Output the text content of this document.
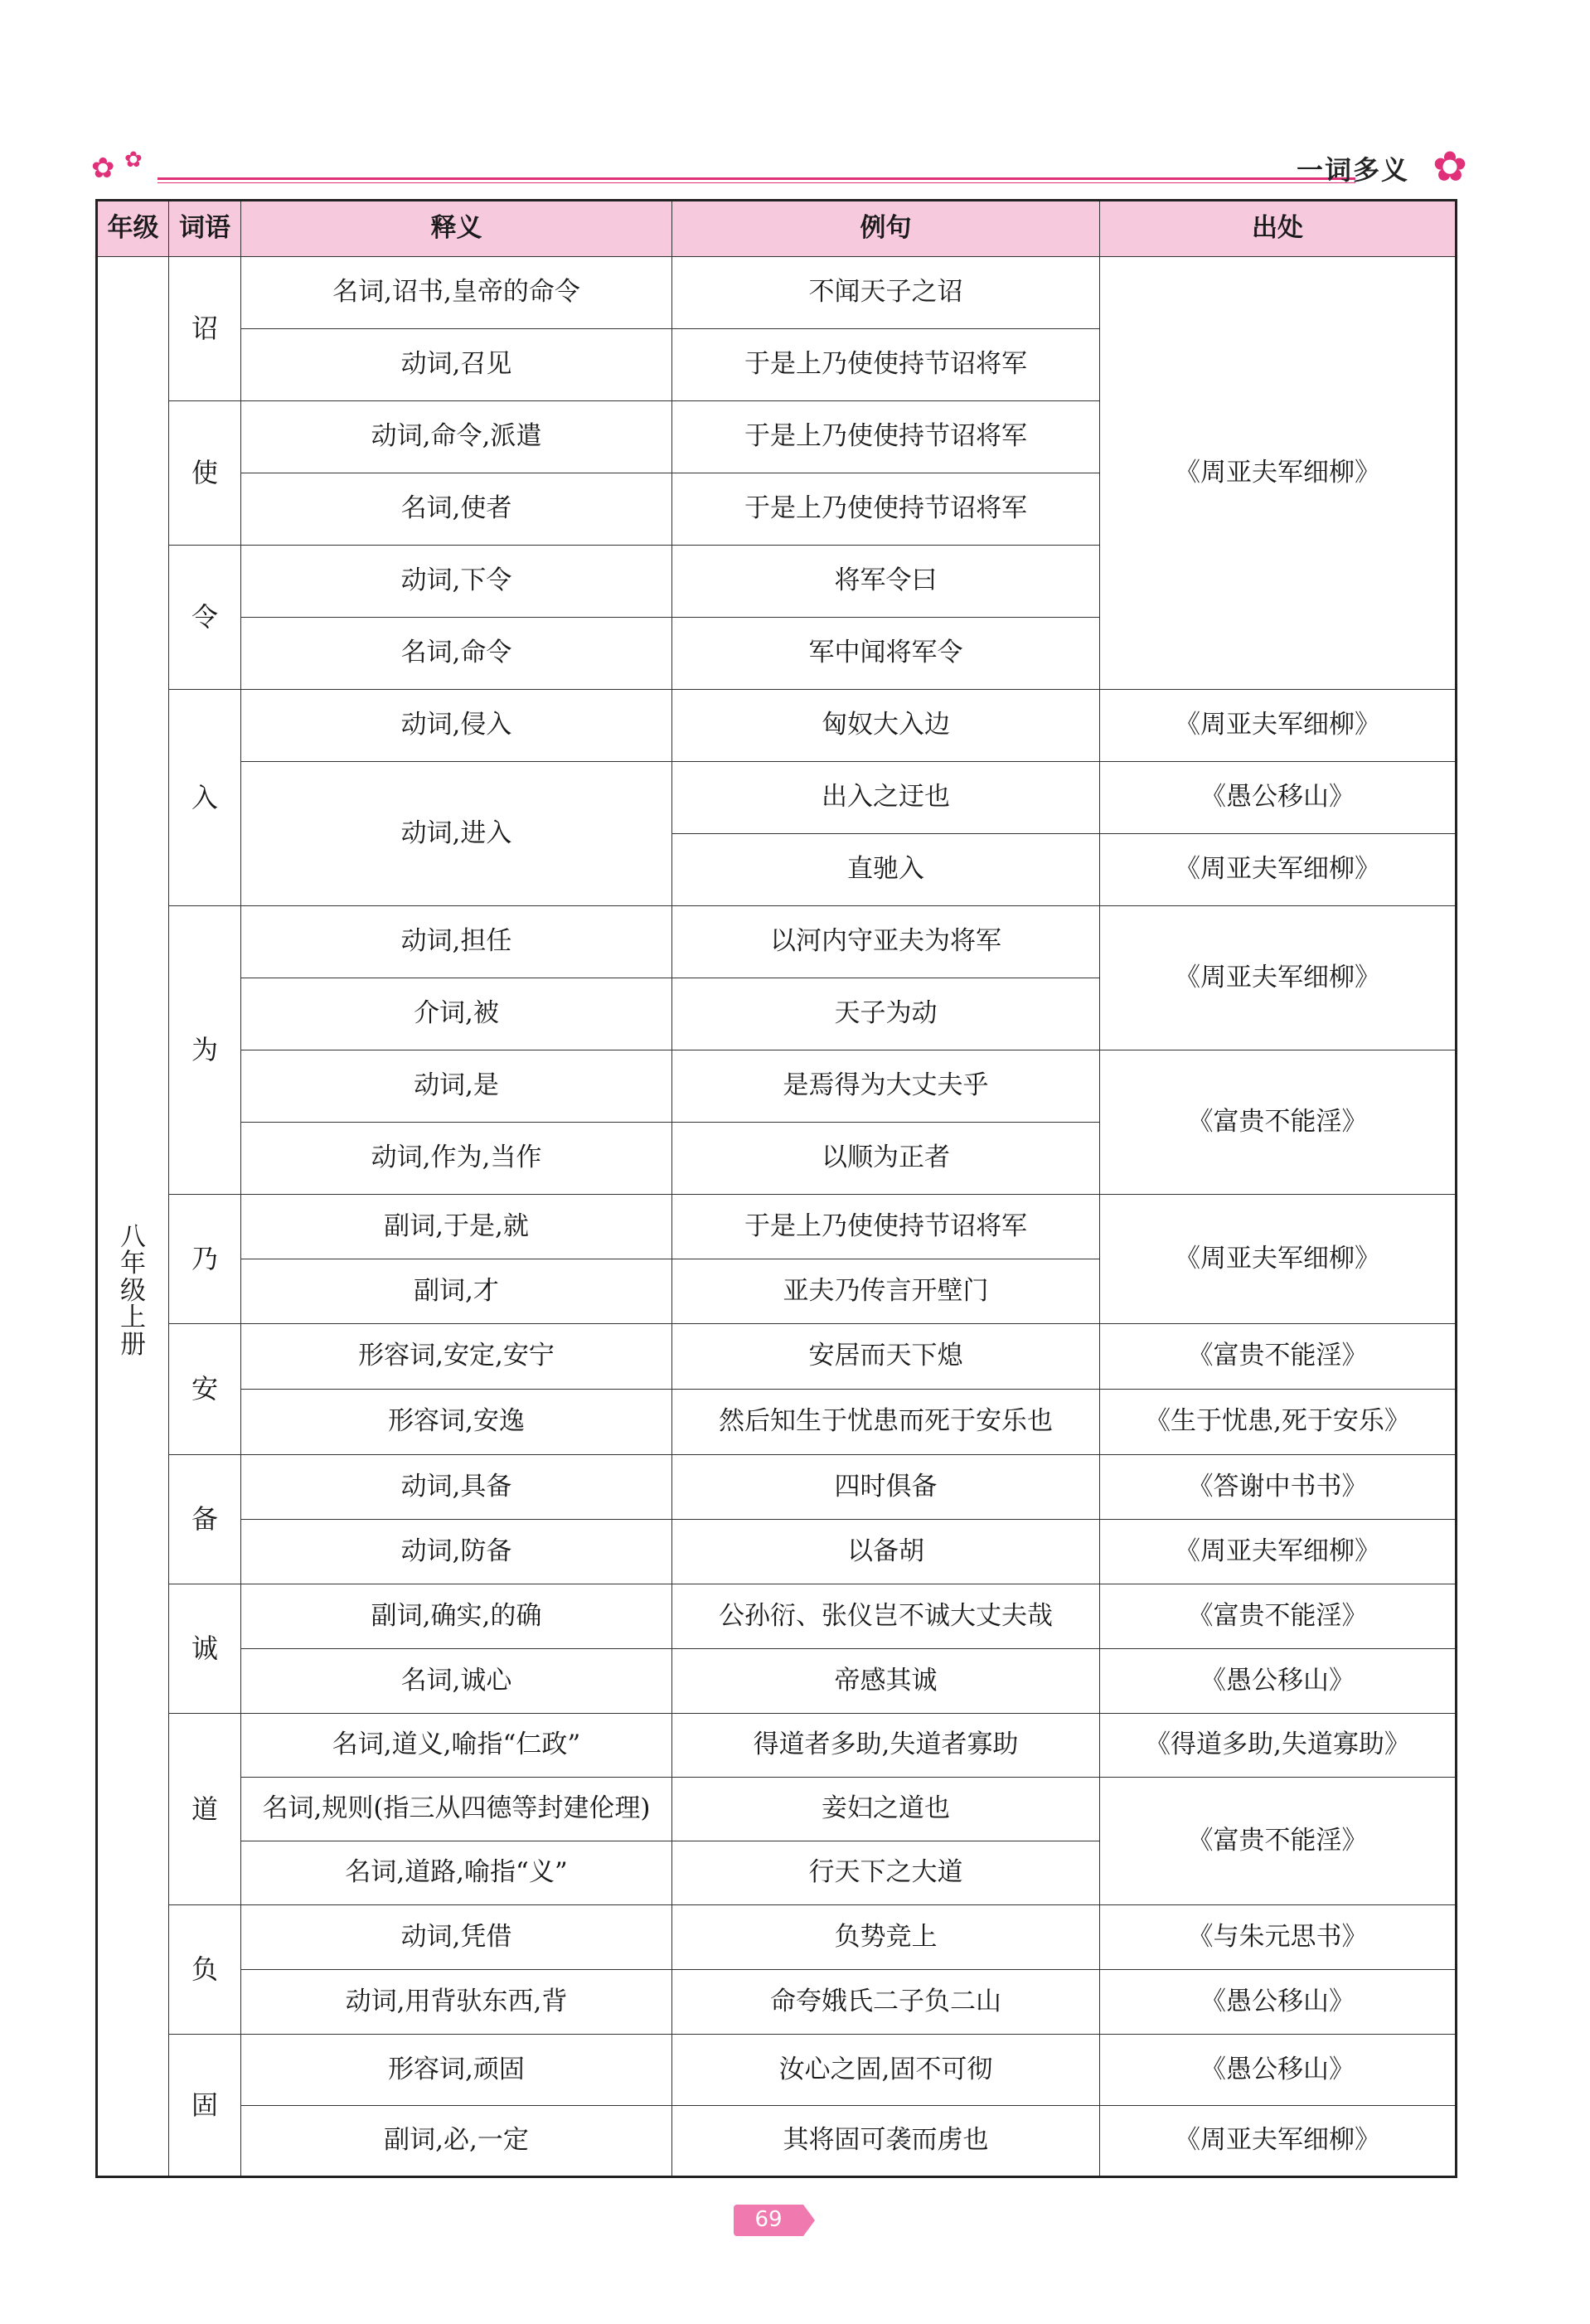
✿ ✿	一词多义 ✿
年级	词语	释义	例句	出处

八年级上册	诏	名词,诏书,皇帝的命令	不闻天子之诏	《周亚夫军细柳》
		动词,召见	于是上乃使使持节诏将军	
	使	动词,命令,派遣	于是上乃使使持节诏将军	
		名词,使者	于是上乃使使持节诏将军	
	令	动词,下令	将军令曰	
		名词,命令	军中闻将军令	
	入	动词,侵入	匈奴大入边	《周亚夫军细柳》
		动词,进入	出入之迂也	《愚公移山》
			直驰入	《周亚夫军细柳》
	为	动词,担任	以河内守亚夫为将军	《周亚夫军细柳》
		介词,被	天子为动	
		动词,是	是焉得为大丈夫乎	《富贵不能淫》
		动词,作为,当作	以顺为正者	
	乃	副词,于是,就	于是上乃使使持节诏将军	《周亚夫军细柳》
		副词,才	亚夫乃传言开壁门	
	安	形容词,安定,安宁	安居而天下熄	《富贵不能淫》
		形容词,安逸	然后知生于忧患而死于安乐也	《生于忧患,死于安乐》
	备	动词,具备	四时俱备	《答谢中书书》
		动词,防备	以备胡	《周亚夫军细柳》
	诚	副词,确实,的确	公孙衍、张仪岂不诚大丈夫哉	《富贵不能淫》
		名词,诚心	帝感其诚	《愚公移山》
	道	名词,道义,喻指“仁政”	得道者多助,失道者寡助	《得道多助,失道寡助》
		名词,规则(指三从四德等封建伦理)	妾妇之道也	《富贵不能淫》
		名词,道路,喻指“义”	行天下之大道	
	负	动词,凭借	负势竞上	《与朱元思书》
		动词,用背驮东西,背	命夸娥氏二子负二山	《愚公移山》
	固	形容词,顽固	汝心之固,固不可彻	《愚公移山》
		副词,必,一定	其将固可袭而虏也	《周亚夫军细柳》
69
